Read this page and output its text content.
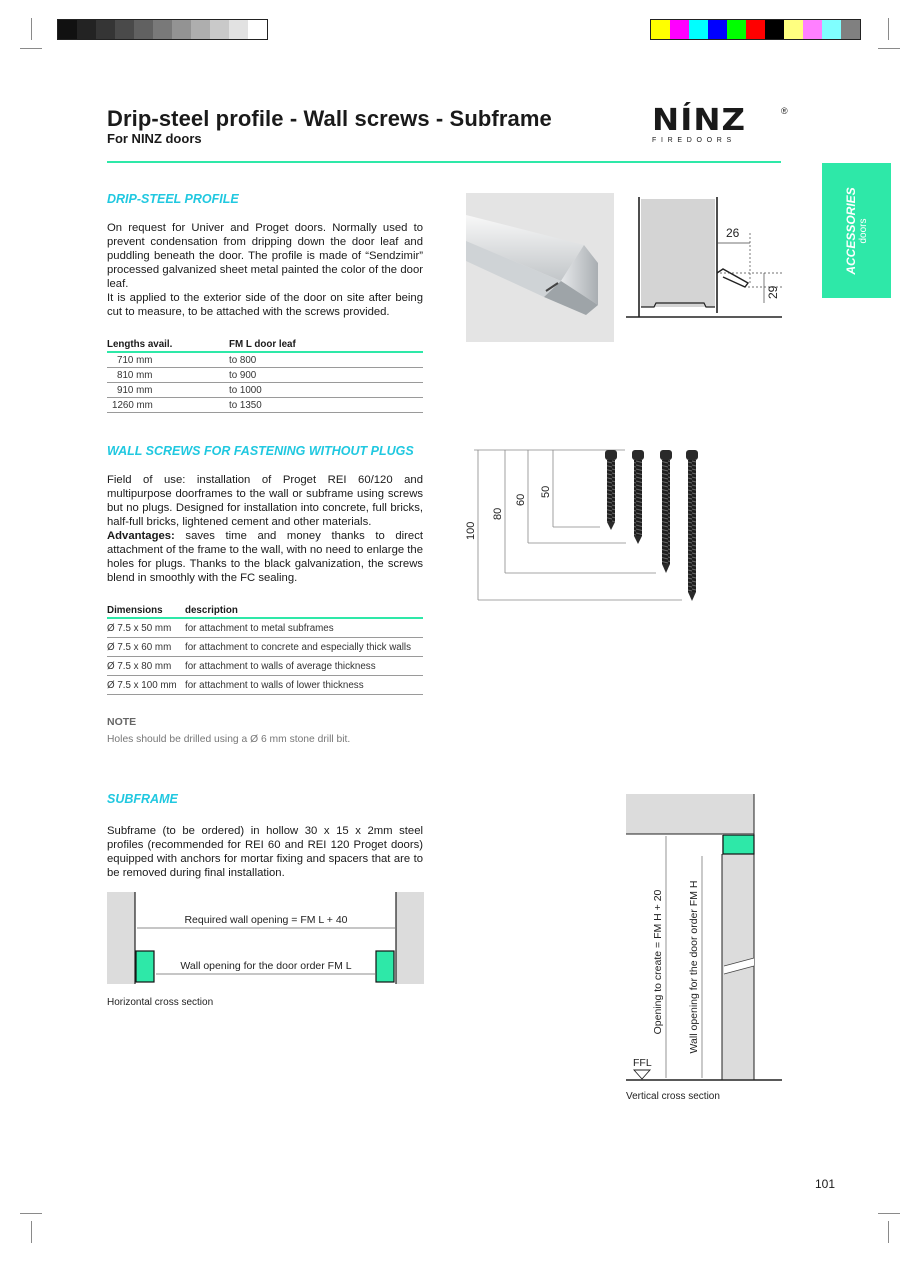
Drip-steel profile - Wall screws - Subframe
For NINZ doors
NÍNZ
FIREDOORS
®
ACCESSORIES doors
DRIP-STEEL PROFILE
On request for Univer and Proget doors. Normally used to prevent condensation from dripping down the door leaf and puddling beneath the door. The profile is made of “Sendzimir” processed galvanized sheet metal painted the color of the door leaf.
It is applied to the exterior side of the door on site after being cut to measure, to be attached with the screws provided.
Lengths avail.	FM L door leaf
710 mm	to 800
810 mm	to 900
910 mm	to 1000
1260 mm	to 1350
26
29
WALL SCREWS FOR FASTENING WITHOUT PLUGS
Field of use: installation of Proget REI 60/120 and multipurpose doorframes to the wall or subframe using screws but no plugs. Designed for installation into concrete, full bricks, half-full bricks, lightened cement and other materials.
Advantages: saves time and money thanks to direct attachment of the frame to the wall, with no need to enlarge the holes for plugs. Thanks to the black galvanization, the screws blend in smoothly with the FC sealing.
Dimensions	description
Ø 7.5 x 50 mm	for attachment to metal subframes
Ø 7.5 x 60 mm	for attachment to concrete and especially thick walls
Ø 7.5 x 80 mm	for attachment to walls of average thickness
Ø 7.5 x 100 mm	for attachment to walls of lower thickness
100
80
60
50
NOTE
Holes should be drilled using a Ø 6 mm stone drill bit.
SUBFRAME
Subframe (to be ordered) in hollow 30 x 15 x 2mm steel profiles (recommended for REI 60 and REI 120 Proget doors) equipped with anchors for mortar fixing and spacers that are to be removed during final installation.
Required wall opening = FM L + 40
Wall opening for the door order FM L
Horizontal cross section	Opening to create = FM H + 20 Wall opening for the door order FM H
FFL
Vertical cross section
101
